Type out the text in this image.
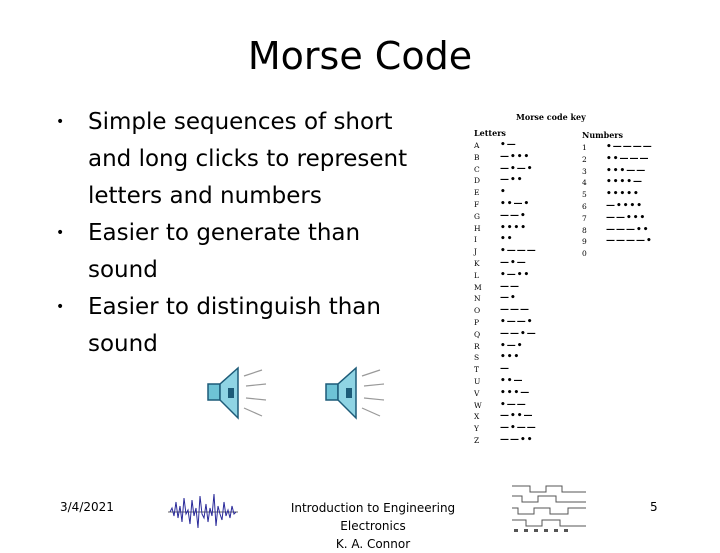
Morse Code
• Simple sequences of short and long clicks to represent letters and numbers
• Easier to generate than sound
• Easier to distinguish than sound
Morse code key
Letters	Numbers
A •—
B —•••
C —•—•
D —••
E •
F ••—•
G ——•
H ••••
I	••
J	•———
K —•—
L •—••
M ——
N —•
O ———
P •——•
Q ——•—
R •—•
S •••
T —
U ••—
V •••—
W •——
X —••—
Y —•——
Z ——••
1 •————
2 ••———
3 •••——
4 ••••—
5 •••••
6 —••••
7 ——•••
8 ———••
9 ————•
0
3/4/2021	Introduction to Engineering Electronics
K. A. Connor
5
